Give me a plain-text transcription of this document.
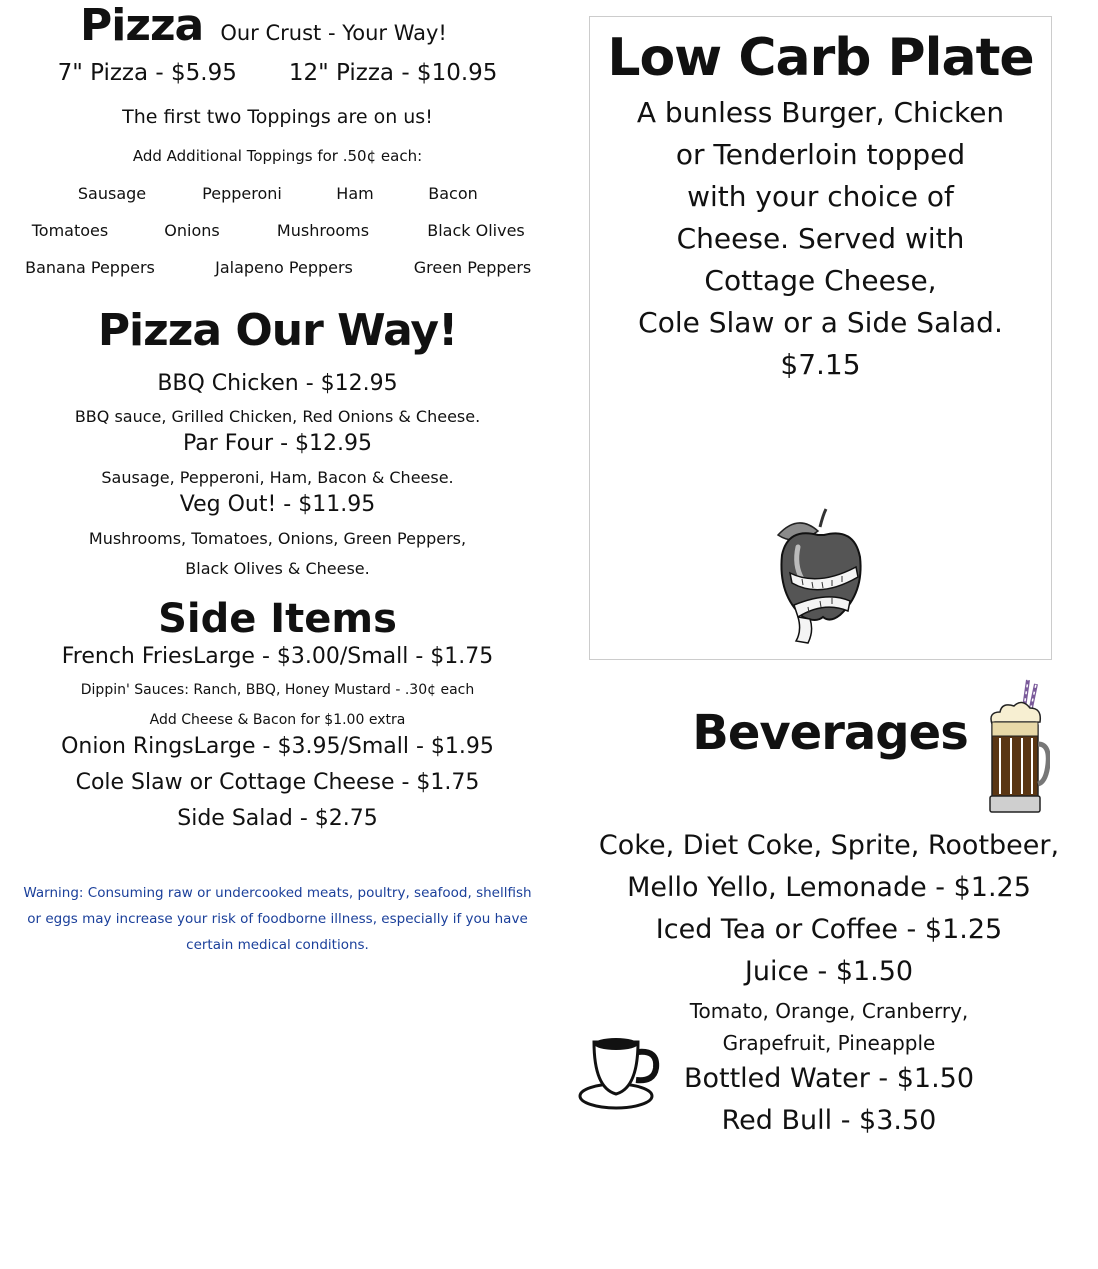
Pizza Our Crust - Your Way!
7" Pizza - $5.95 12" Pizza - $10.95
The first two Toppings are on us!
Add Additional Toppings for .50¢ each:
Sausage	Pepperoni	Ham	Bacon
Tomatoes	Onions	Mushrooms	Black Olives
Banana Peppers	Jalapeno Peppers	Green Peppers
Pizza Our Way!
BBQ Chicken - $12.95
BBQ sauce, Grilled Chicken, Red Onions & Cheese.
Par Four - $12.95
Sausage, Pepperoni, Ham, Bacon & Cheese.
Veg Out! - $11.95
Mushrooms, Tomatoes, Onions, Green Peppers,
Black Olives & Cheese.
Side Items
French FriesLarge - $3.00/Small - $1.75
Dippin' Sauces: Ranch, BBQ, Honey Mustard - .30¢ each
Add Cheese & Bacon for $1.00 extra
Onion RingsLarge - $3.95/Small - $1.95
Cole Slaw or Cottage Cheese - $1.75
Side Salad - $2.75
Warning: Consuming raw or undercooked meats, poultry, seafood, shellfish or eggs may increase your risk of foodborne illness, especially if you have certain medical conditions.
Low Carb Plate
A bunless Burger, Chicken
or Tenderloin topped
with your choice of
Cheese. Served with
Cottage Cheese,
Cole Slaw or a Side Salad.
$7.15
Beverages
Coke, Diet Coke, Sprite, Rootbeer,
Mello Yello, Lemonade - $1.25
Iced Tea or Coffee - $1.25
Juice - $1.50
Tomato, Orange, Cranberry,
Grapefruit, Pineapple
Bottled Water - $1.50
Red Bull - $3.50
